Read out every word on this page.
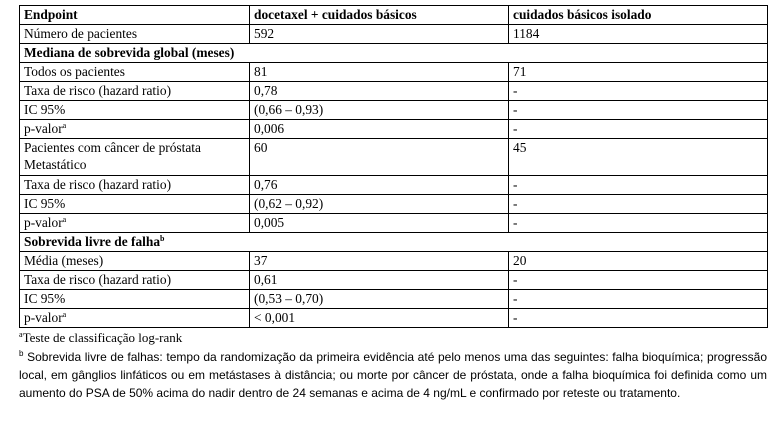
Endpoint	docetaxel + cuidados básicos	cuidados básicos isolado
Número de pacientes	592	1184
Mediana de sobrevida global (meses)		
Todos os pacientes	81	71
Taxa de risco (hazard ratio)	0,78	-
IC 95%	(0,66 – 0,93)	-
p-valor$^a$	0,006	-
Pacientes com câncer de próstata Metastático	60	45
Taxa de risco (hazard ratio)	0,76	-
IC 95%	(0,62 – 0,92)	-
p-valor$^a$	0,005	-
Sobrevida livre de falha$^b$
Média (meses)	37	20
Taxa de risco (hazard ratio)	0,61	-
IC 95%	(0,53 – 0,70)	-
p-valor$^a$	< 0,001	-

$^a$Teste de classificação log-rank

$^b$ Sobrevida livre de falhas: tempo da randomização da primeira evidência até pelo menos uma das seguintes: falha bioquímica; progressão local, em gânglios linfáticos ou em metástases à distância; ou morte por câncer de próstata, onde a falha bioquímica foi definida como um aumento do PSA de 50% acima do nadir dentro de 24 semanas e acima de 4 ng/mL e confirmado por reteste ou tratamento.
